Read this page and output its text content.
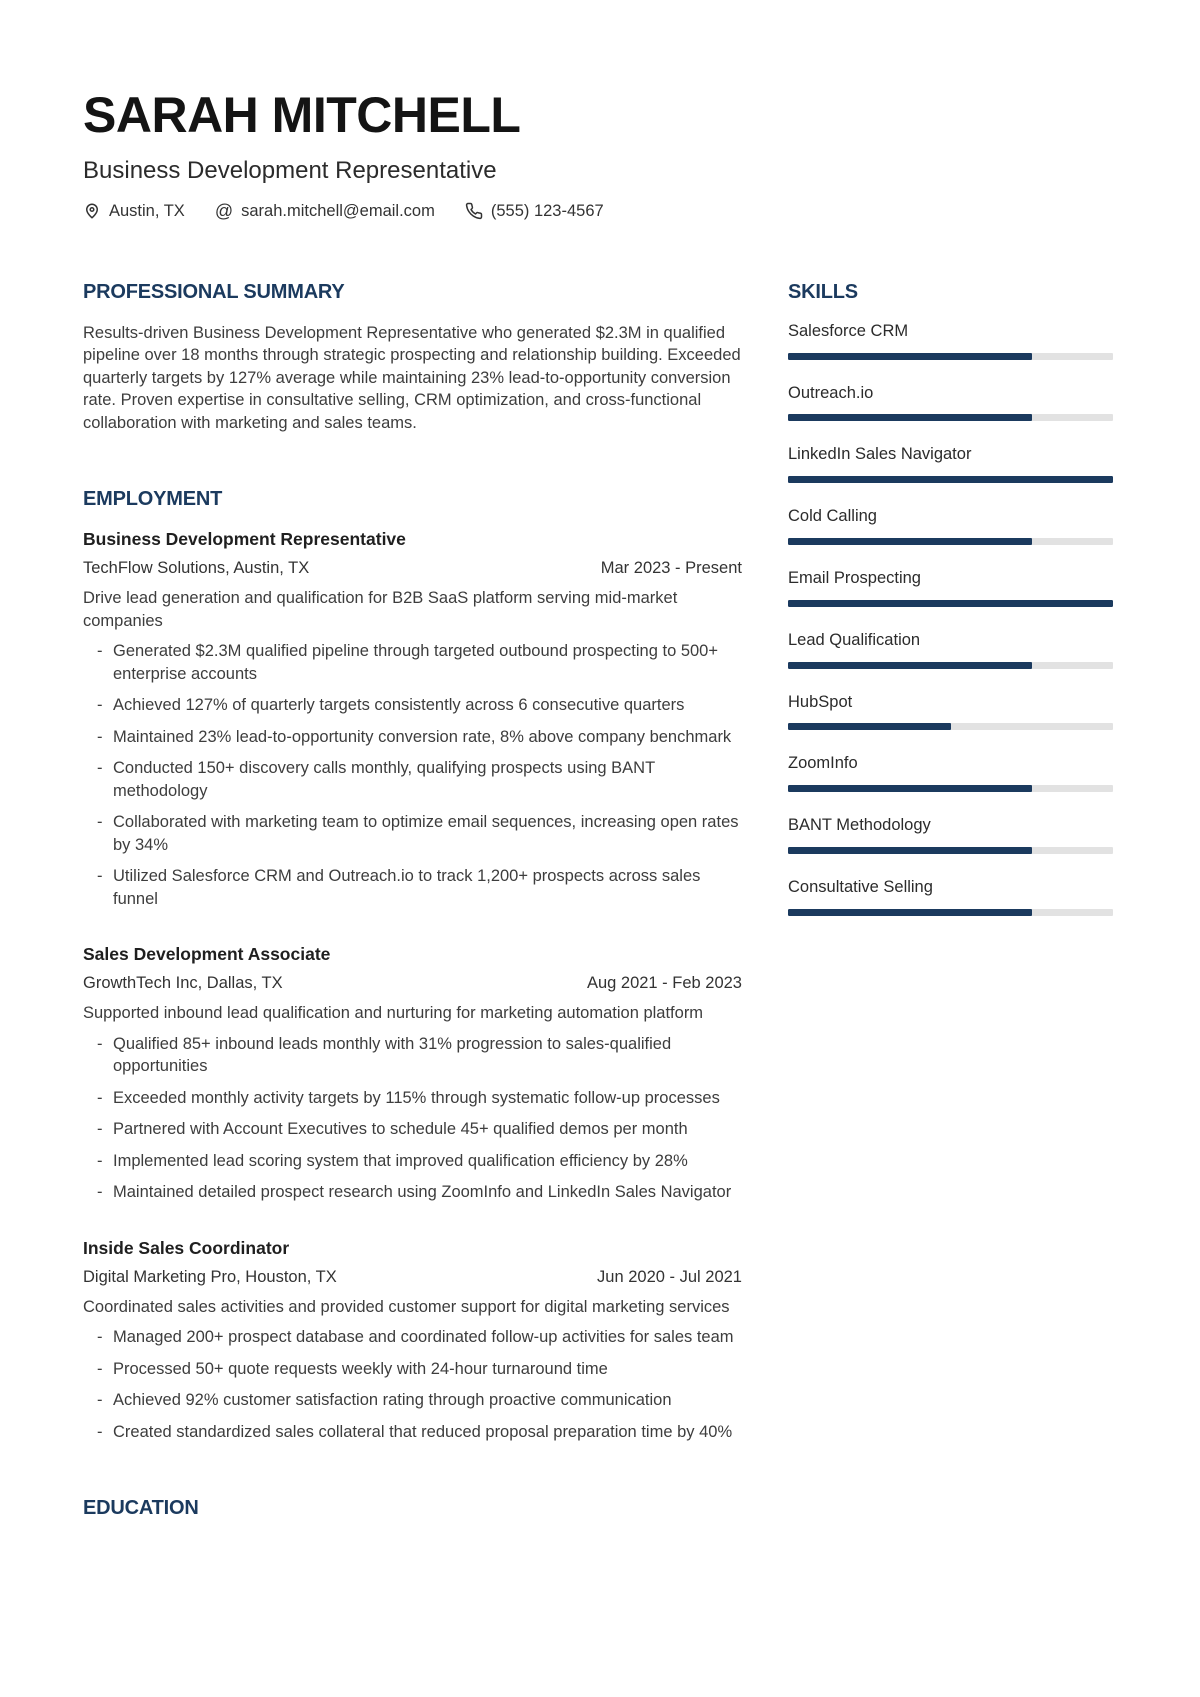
SARAH MITCHELL
Business Development Representative
Austin, TX @ sarah.mitchell@email.com	(555) 123-4567
PROFESSIONAL SUMMARY

Results-driven Business Development Representative who generated $2.3M in qualified pipeline over 18 months through strategic prospecting and relationship building. Exceeded quarterly targets by 127% average while maintaining 23% lead-to-opportunity conversion rate. Proven expertise in consultative selling, CRM optimization, and cross-functional collaboration with marketing and sales teams.

EMPLOYMENT
Business Development Representative
TechFlow Solutions, Austin, TX	Mar 2023 - Present
Drive lead generation and qualification for B2B SaaS platform serving mid-market companies
- Generated $2.3M qualified pipeline through targeted outbound prospecting to 500+ enterprise accounts
- Achieved 127% of quarterly targets consistently across 6 consecutive quarters
- Maintained 23% lead-to-opportunity conversion rate, 8% above company benchmark
- Conducted 150+ discovery calls monthly, qualifying prospects using BANT methodology
- Collaborated with marketing team to optimize email sequences, increasing open rates by 34%
- Utilized Salesforce CRM and Outreach.io to track 1,200+ prospects across sales funnel
Sales Development Associate
GrowthTech Inc, Dallas, TX	Aug 2021 - Feb 2023
Supported inbound lead qualification and nurturing for marketing automation platform
- Qualified 85+ inbound leads monthly with 31% progression to sales-qualified opportunities
- Exceeded monthly activity targets by 115% through systematic follow-up processes
- Partnered with Account Executives to schedule 45+ qualified demos per month
- Implemented lead scoring system that improved qualification efficiency by 28%
- Maintained detailed prospect research using ZoomInfo and LinkedIn Sales Navigator
Inside Sales Coordinator
Digital Marketing Pro, Houston, TX	Jun 2020 - Jul 2021
Coordinated sales activities and provided customer support for digital marketing services
- Managed 200+ prospect database and coordinated follow-up activities for sales team
- Processed 50+ quote requests weekly with 24-hour turnaround time
- Achieved 92% customer satisfaction rating through proactive communication
- Created standardized sales collateral that reduced proposal preparation time by 40%
EDUCATION
SKILLS
Salesforce CRM
Outreach.io
LinkedIn Sales Navigator
Cold Calling
Email Prospecting
Lead Qualification
HubSpot
ZoomInfo
BANT Methodology
Consultative Selling
